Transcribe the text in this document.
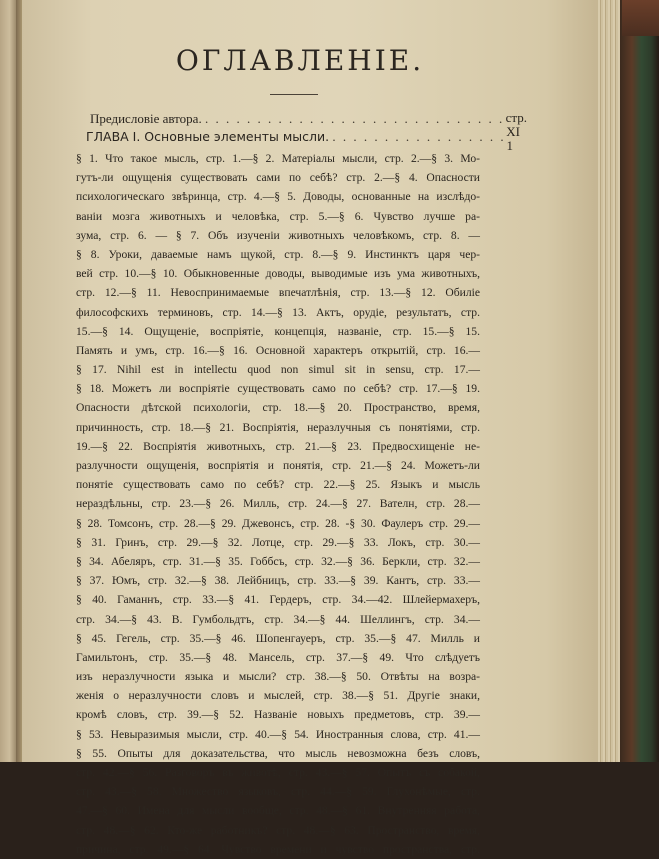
ОГЛАВЛЕНІЕ.
стр.
Предисловіе автора. . . . . . . . . . . . . . . . . . . . . . . . . . . . . .
XI
ГЛАВА I. Основные элементы мысли. . . . . . . . . . . . . . . . . .
1
§ 1. Что такое мысль, стр. 1.—§ 2. Матеріалы мысли, стр. 2.—§ 3. Мо-
гутъ-ли ощущенія существовать сами по себѣ? стр. 2.—§ 4. Опасности
психологическаго звѣринца, стр. 4.—§ 5. Доводы, основанные на изслѣдо-
ваніи мозга животныхъ и человѣка, стр. 5.—§ 6. Чувство лучше ра-
зума, стр. 6. — § 7. Объ изученіи животныхъ человѣкомъ, стр. 8. —
§ 8. Уроки, даваемые намъ щукой, стр. 8.—§ 9. Инстинктъ царя чер-
вей стр. 10.—§ 10. Обыкновенные доводы, выводимые изъ ума животныхъ,
стр. 12.—§ 11. Невоспринимаемые впечатлѣнія, стр. 13.—§ 12. Обиліе
философскихъ терминовъ, стр. 14.—§ 13. Актъ, орудіе, результатъ, стр.
15.—§ 14. Ощущеніе, воспріятіе, концепція, названіе, стр. 15.—§ 15.
Память и умъ, стр. 16.—§ 16. Основной характеръ открытій, стр. 16.—
§ 17. Nihil est in intellectu quod non simul sit in sensu, стр. 17.—
§ 18. Можетъ ли воспріятіе существовать само по себѣ? стр. 17.—§ 19.
Опасности дѣтской психологіи, стр. 18.—§ 20. Пространство, время,
причинность, стр. 18.—§ 21. Воспріятія, неразлучныя съ понятіями, стр.
19.—§ 22. Воспріятія животныхъ, стр. 21.—§ 23. Предвосхищеніе не-
разлучности ощущенія, воспріятія и понятія, стр. 21.—§ 24. Можетъ-ли
понятіе существовать само по себѣ? стр. 22.—§ 25. Языкъ и мысль
нераздѣльны, стр. 23.—§ 26. Милль, стр. 24.—§ 27. Вателн, стр. 28.—
§ 28. Томсонъ, стр. 28.—§ 29. Джевонсъ, стр. 28. -§ 30. Фаулеръ стр. 29.—
§ 31. Гринъ, стр. 29.—§ 32. Лотце, стр. 29.—§ 33. Локъ, стр. 30.—
§ 34. Абеляръ, стр. 31.—§ 35. Гоббсъ, стр. 32.—§ 36. Беркли, стр. 32.—
§ 37. Юмъ, стр. 32.—§ 38. Лейбницъ, стр. 33.—§ 39. Кантъ, стр. 33.—
§ 40. Гаманнъ, стр. 33.—§ 41. Гердеръ, стр. 34.—42. Шлейермахеръ,
стр. 34.—§ 43. В. Гумбольдтъ, стр. 34.—§ 44. Шеллингъ, стр. 34.—
§ 45. Гегель, стр. 35.—§ 46. Шопенгауеръ, стр. 35.—§ 47. Милль и
Гамильтонъ, стр. 35.—§ 48. Мансель, стр. 37.—§ 49. Что слѣдуетъ
изъ неразлучности языка и мысли? стр. 38.—§ 50. Отвѣты на возра-
женія о неразлучности словъ и мыслей, стр. 38.—§ 51. Другіе знаки,
кромѣ словъ, стр. 39.—§ 52. Названіе новыхъ предметовъ, стр. 39.—
§ 53. Невыразимыя мысли, стр. 40.—§ 54. Иностранныя слова, стр. 41.—
§ 55. Опыты для доказательства, что мысль невозможна безъ словъ,
стр. 42.—§ 56. Разговоръ въ животѣ, стр. 43.—§ 57. Опытъ съ собакой,
стр. 43.—§ 58. Множество языковъ, стр. 44.—§ 59. Глухонѣмые, стр.
47.—§ 60. Имена для мысли вообще, стр. 48.—§ 61. Внутренняя работа,
стр. 48.—§ 62. Кто-же работникъ? стр. 48.—§ 63. Пространство, время,
причина, стр. 49.—§ 64. Чувство времени и чувство пространства, стр.
